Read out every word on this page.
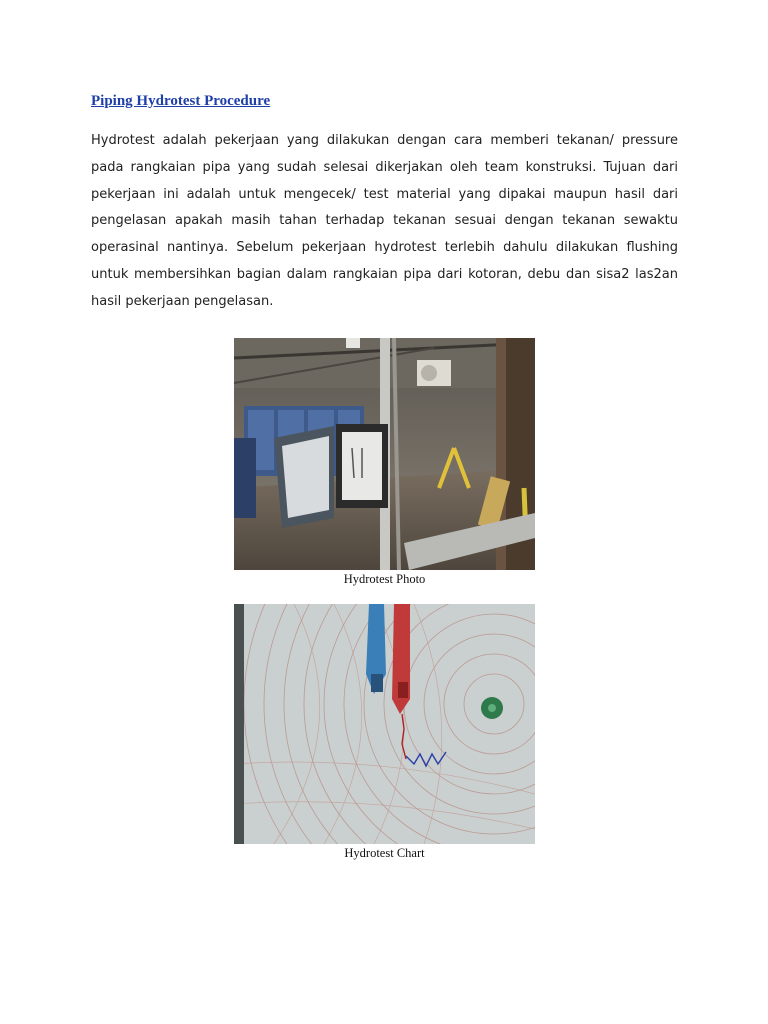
Piping Hydrotest Procedure
Hydrotest adalah pekerjaan yang dilakukan dengan cara memberi tekanan/ pressure pada rangkaian pipa yang sudah selesai dikerjakan oleh team konstruksi. Tujuan dari pekerjaan ini adalah untuk mengecek/ test material yang dipakai maupun hasil dari pengelasan apakah masih tahan terhadap tekanan sesuai dengan tekanan sewaktu operasinal nantinya. Sebelum pekerjaan hydrotest terlebih dahulu dilakukan flushing untuk membersihkan bagian dalam rangkaian pipa dari kotoran, debu dan sisa2 las2an hasil pekerjaan pengelasan.
Hydrotest Photo
Hydrotest Chart
